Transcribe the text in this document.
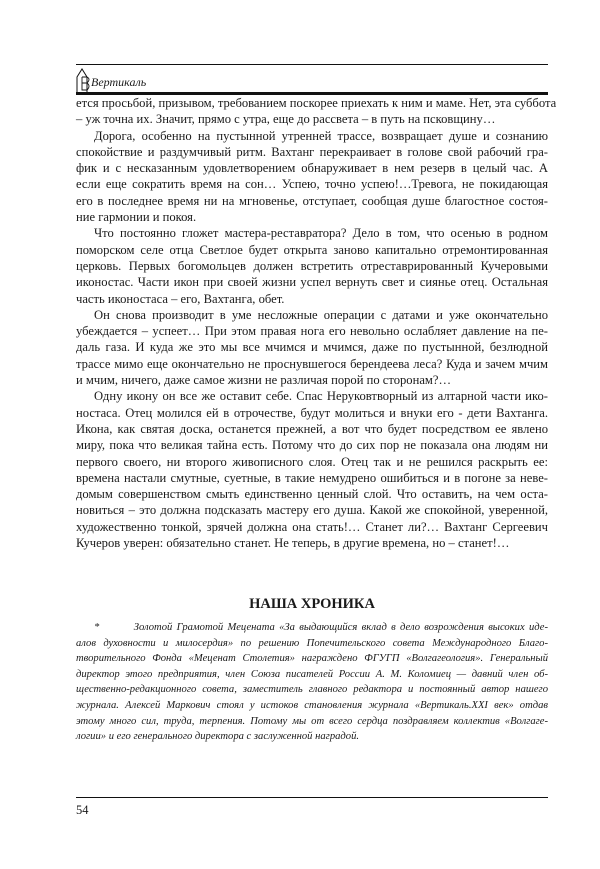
Вертикаль
ется просьбой, призывом, требованием поскорее приехать к ним и маме. Нет, эта суббота
– уж точна их. Значит, прямо с утра, еще до рассвета – в путь на псковщину…
Дорога, особенно на пустынной утренней трассе, возвращает душе и сознанию
спокойствие и раздумчивый ритм. Вахтанг перекраивает в голове свой рабочий гра-
фик и с несказанным удовлетворением обнаруживает в нем резерв в целый час. А
если еще сократить время на сон… Успею, точно успею!…Тревога, не покидающая
его в последнее время ни на мгновенье, отступает, сообщая душе благостное состоя-
ние гармонии и покоя.
Что постоянно гложет мастера-реставратора? Дело в том, что осенью в родном
поморском селе отца Светлое будет открыта заново капитально отремонтированная
церковь. Первых богомольцев должен встретить отреставрированный Кучеровыми
иконостас. Части икон при своей жизни успел вернуть свет и сиянье отец. Остальная
часть иконостаса – его, Вахтанга, обет.
Он снова производит в уме несложные операции с датами и уже окончательно
убеждается – успеет… При этом правая нога его невольно ослабляет давление на пе-
даль газа. И куда же это мы все мчимся и мчимся, даже по пустынной, безлюдной
трассе мимо еще окончательно не проснувшегося берендеева леса? Куда и зачем мчим
и мчим, ничего, даже самое жизни не различая порой по сторонам?…
Одну икону он все же оставит себе. Спас Неруковтворный из алтарной части ико-
ностаса. Отец молился ей в отрочестве, будут молиться и внуки его - дети Вахтанга.
Икона, как святая доска, останется прежней, а вот что будет посредством ее явлено
миру, пока что великая тайна есть. Потому что до сих пор не показала она людям ни
первого своего, ни второго живописного слоя. Отец так и не решился раскрыть ее:
времена настали смутные, суетные, в такие немудрено ошибиться и в погоне за неве-
домым совершенством смыть единственно ценный слой. Что оставить, на чем оста-
новиться – это должна подсказать мастеру его душа. Какой же спокойной, уверенной,
художественно тонкой, зрячей должна она стать!… Станет ли?… Вахтанг Сергеевич
Кучеров уверен: обязательно станет. Не теперь, в другие времена, но – станет!…
НАША ХРОНИКА
*        Золотой Грамотой Мецената «За выдающийся вклад в дело возрождения высоких иде-
алов духовности и милосердия» по решению Попечительского совета Международного Благо-
творительного Фонда «Меценат Столетия» награждено ФГУГП «Волгагеология». Генеральный
директор этого предприятия, член Союза писателей России А. М. Коломиец — давний член об-
щественно-редакционного совета, заместитель главного редактора и постоянный автор нашего
журнала. Алексей Маркович стоял у истоков становления журнала «Вертикаль.XXI век» отдав
этому много сил, труда, терпения. Потому мы от всего сердца поздравляем коллектив «Волгаге-
логии» и его генерального директора с заслуженной наградой.
54
